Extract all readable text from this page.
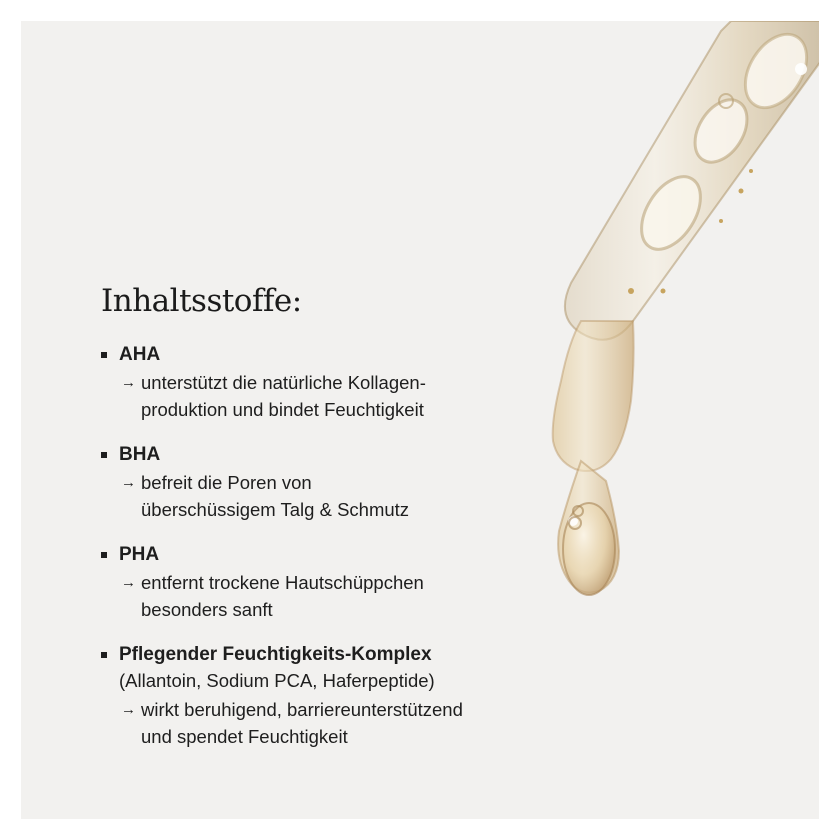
Inhaltsstoffe:
AHA
→ unterstützt die natürliche Kollagen-
produktion und bindet Feuchtigkeit
BHA
→ befreit die Poren von
überschüssigem Talg & Schmutz
PHA
→ entfernt trockene Hautschüppchen
besonders sanft
Pflegender Feuchtigkeits-Komplex
(Allantoin, Sodium PCA, Haferpeptide)
→ wirkt beruhigend, barriereunterstützend
und spendet Feuchtigkeit
